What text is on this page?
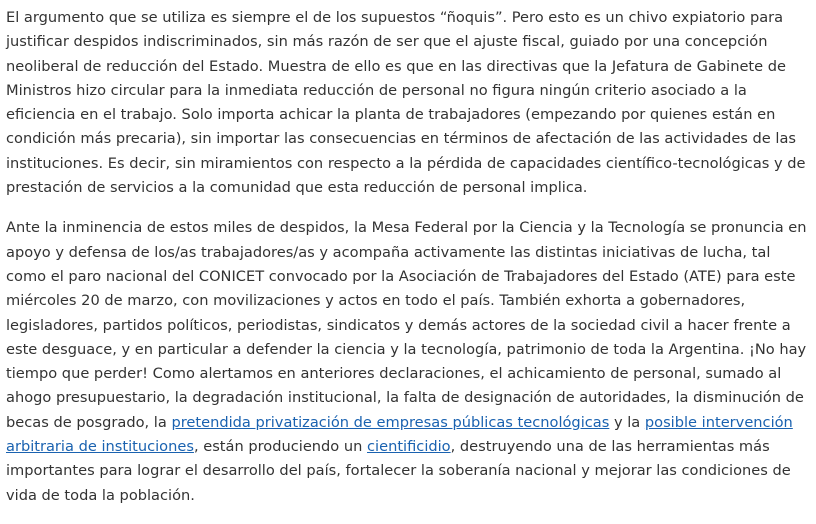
El argumento que se utiliza es siempre el de los supuestos “ñoquis”. Pero esto es un chivo expiatorio para justificar despidos indiscriminados, sin más razón de ser que el ajuste fiscal, guiado por una concepción neoliberal de reducción del Estado. Muestra de ello es que en las directivas que la Jefatura de Gabinete de Ministros hizo circular para la inmediata reducción de personal no figura ningún criterio asociado a la eficiencia en el trabajo. Solo importa achicar la planta de trabajadores (empezando por quienes están en condición más precaria), sin importar las consecuencias en términos de afectación de las actividades de las instituciones. Es decir, sin miramientos con respecto a la pérdida de capacidades científico-tecnológicas y de prestación de servicios a la comunidad que esta reducción de personal implica.

Ante la inminencia de estos miles de despidos, la Mesa Federal por la Ciencia y la Tecnología se pronuncia en apoyo y defensa de los/as trabajadores/as y acompaña activamente las distintas iniciativas de lucha, tal como el paro nacional del CONICET convocado por la Asociación de Trabajadores del Estado (ATE) para este miércoles 20 de marzo, con movilizaciones y actos en todo el país. También exhorta a gobernadores, legisladores, partidos políticos, periodistas, sindicatos y demás actores de la sociedad civil a hacer frente a este desguace, y en particular a defender la ciencia y la tecnología, patrimonio de toda la Argentina. ¡No hay tiempo que perder! Como alertamos en anteriores declaraciones, el achicamiento de personal, sumado al ahogo presupuestario, la degradación institucional, la falta de designación de autoridades, la disminución de becas de posgrado, la pretendida privatización de empresas públicas tecnológicas y la posible intervención arbitraria de instituciones, están produciendo un cientificidio, destruyendo una de las herramientas más importantes para lograr el desarrollo del país, fortalecer la soberanía nacional y mejorar las condiciones de vida de toda la población.
